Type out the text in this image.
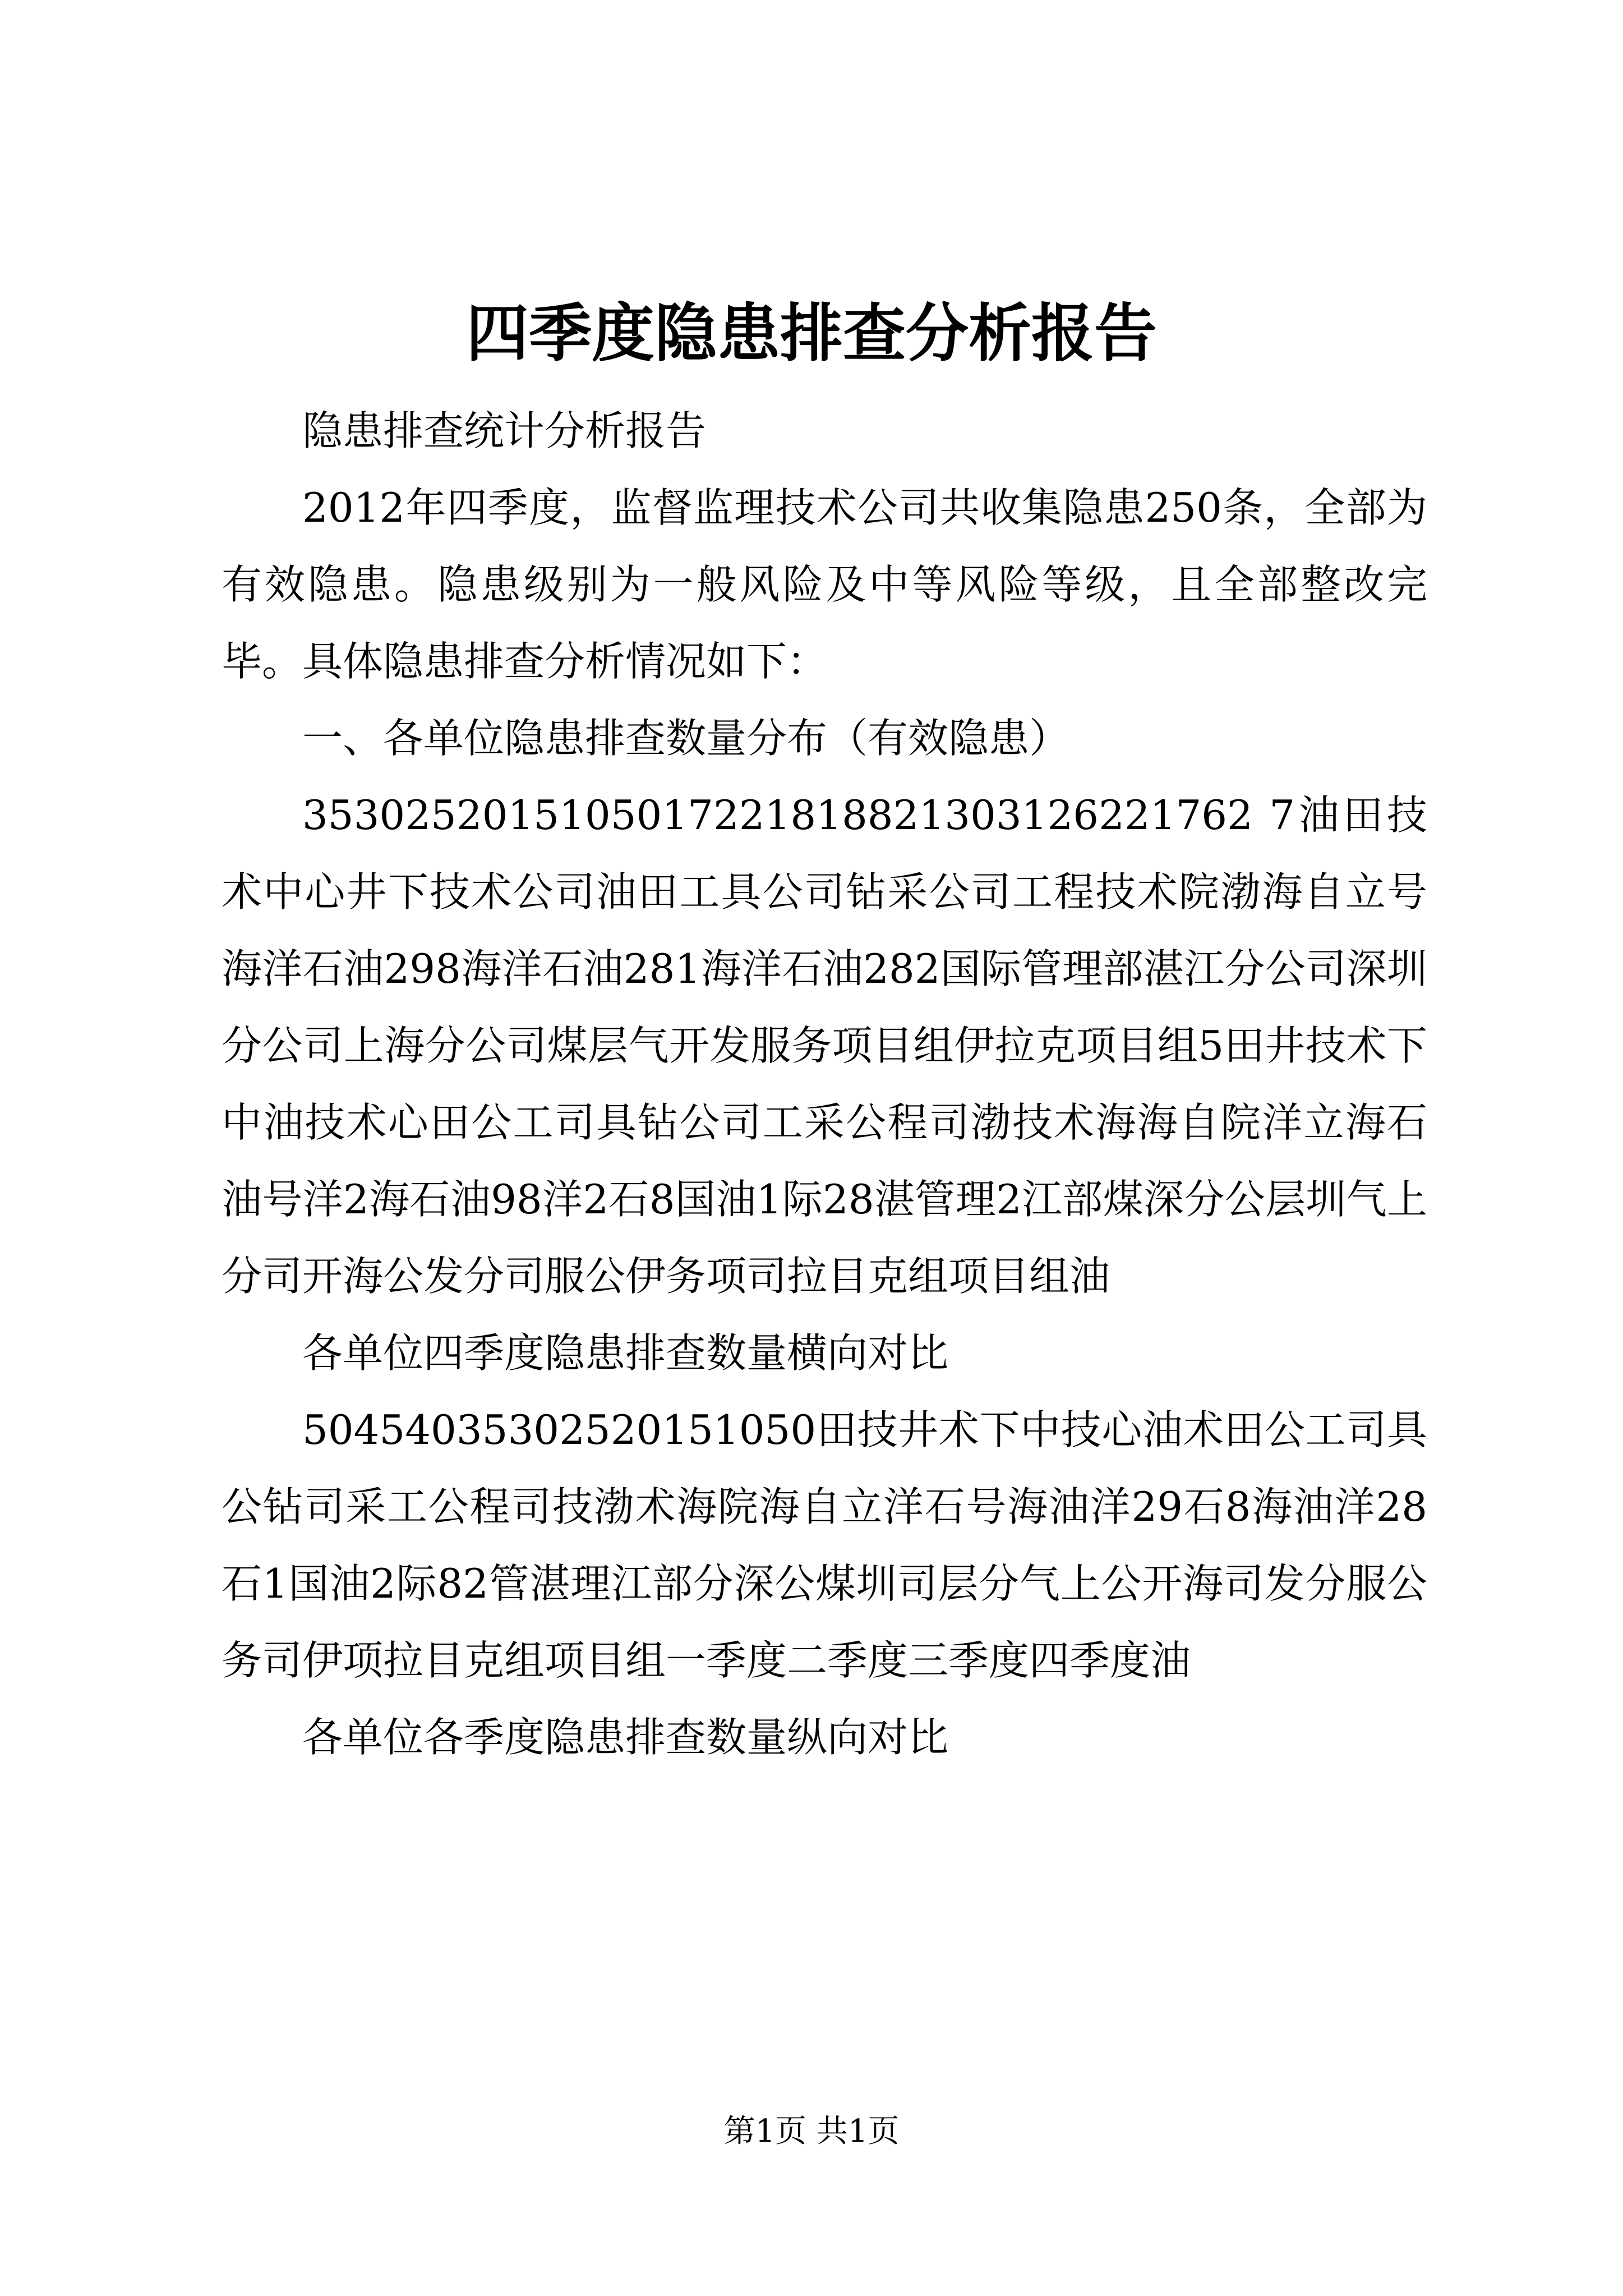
四季度隐患排查分析报告

隐患排查统计分析报告

2012年四季度，监督监理技术公司共收集隐患250条，全部为有效隐患。隐患级别为一般风险及中等风险等级，且全部整改完毕。具体隐患排查分析情况如下：

一、各单位隐患排查数量分布（有效隐患）

3530252015105017221818821303126221762 7油田技术中心井下技术公司油田工具公司钻采公司工程技术院渤海自立号海洋石油298海洋石油281海洋石油282国际管理部湛江分公司深圳分公司上海分公司煤层气开发服务项目组伊拉克项目组5田井技术下中油技术心田公工司具钻公司工采公程司渤技术海海自院洋立海石油号洋2海石油98洋2石8国油1际28湛管理2江部煤深分公层圳气上分司开海公发分司服公伊务项司拉目克组项目组油

各单位四季度隐患排查数量横向对比

50454035302520151050田技井术下中技心油术田公工司具公钻司采工公程司技渤术海院海自立洋石号海油洋29石8海油洋28石1国油2际82管湛理江部分深公煤圳司层分气上公开海司发分服公务司伊项拉目克组项目组一季度二季度三季度四季度油

各单位各季度隐患排查数量纵向对比

第1页 共1页
